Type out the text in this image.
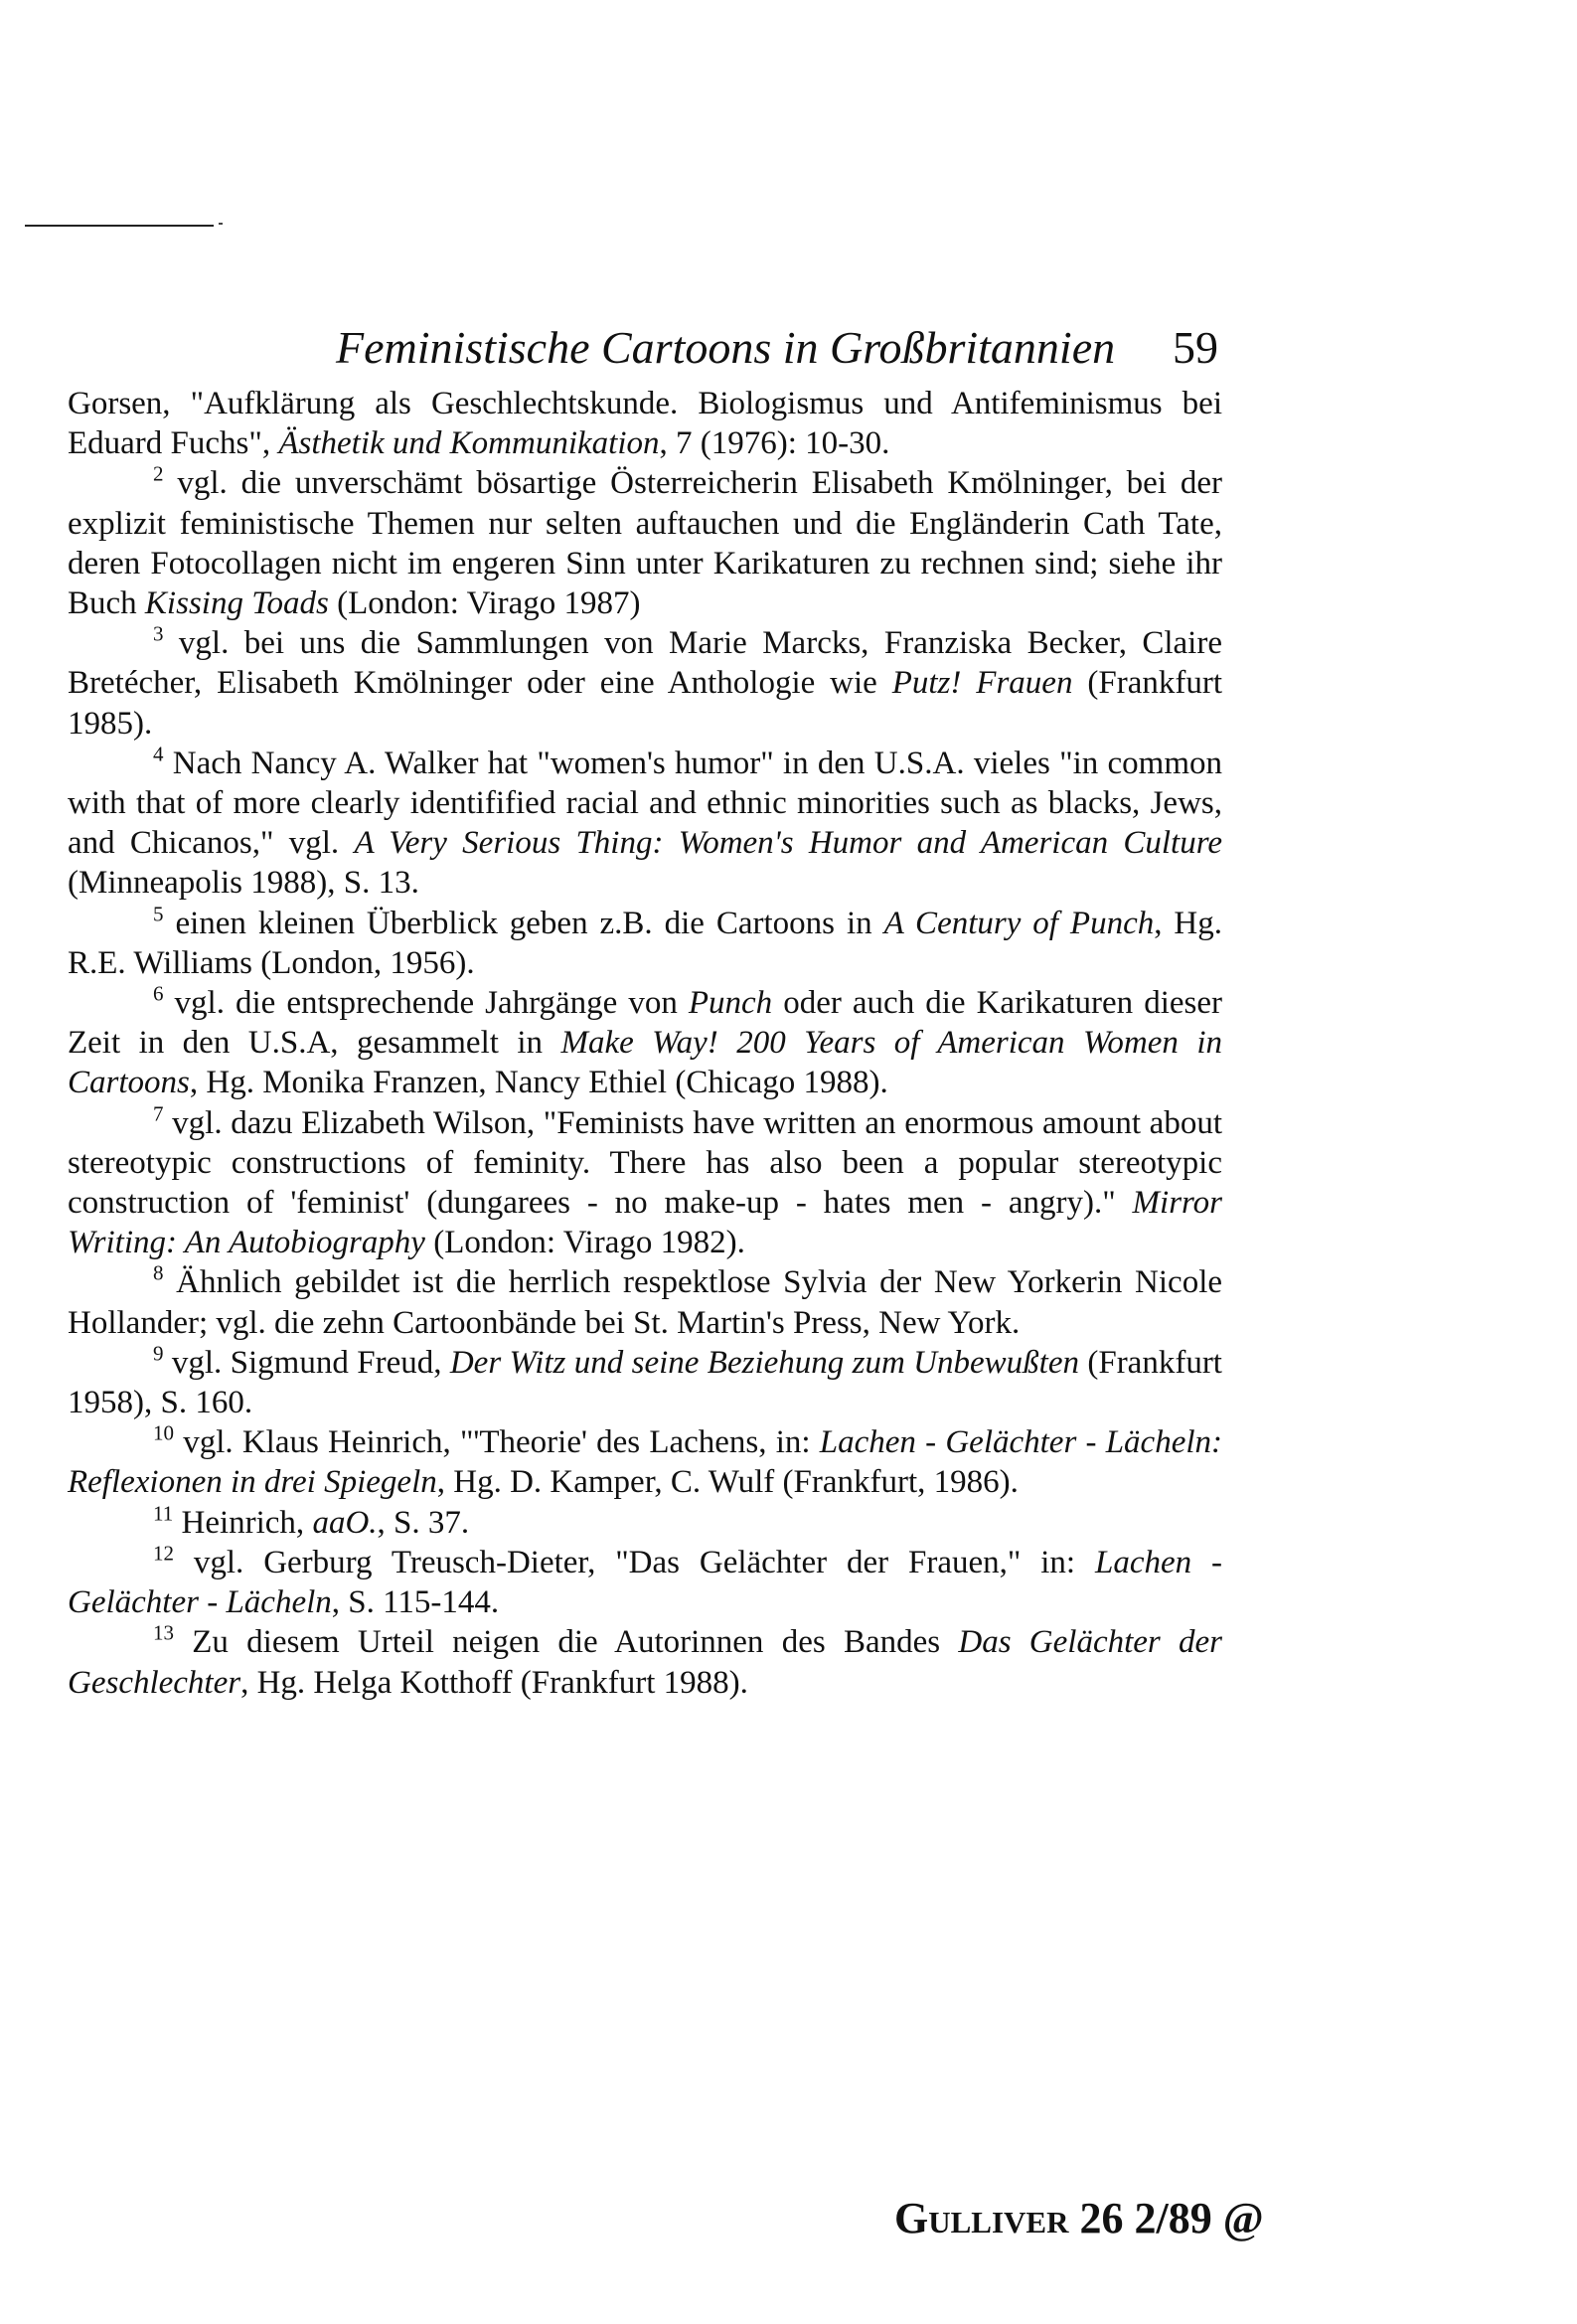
Feministische Cartoons in Großbritannien 59

Gorsen, "Aufklärung als Geschlechtskunde. Biologismus und Antifeminismus bei Eduard Fuchs", Ästhetik und Kommunikation, 7 (1976): 10-30.

$^2$ vgl. die unverschämt bösartige Österreicherin Elisabeth Kmölninger, bei der explizit feministische Themen nur selten auftauchen und die Engländerin Cath Tate, deren Fotocollagen nicht im engeren Sinn unter Karikaturen zu rechnen sind; siehe ihr Buch Kissing Toads (London: Virago 1987)

$^3$ vgl. bei uns die Sammlungen von Marie Marcks, Franziska Becker, Claire Bretécher, Elisabeth Kmölninger oder eine Anthologie wie Putz! Frauen (Frankfurt 1985).

$^4$ Nach Nancy A. Walker hat "women's humor" in den U.S.A. vieles "in common with that of more clearly identifified racial and ethnic minorities such as blacks, Jews, and Chicanos," vgl. A Very Serious Thing: Women's Humor and American Culture (Minneapolis 1988), S. 13.

$^5$ einen kleinen Überblick geben z.B. die Cartoons in A Century of Punch, Hg. R.E. Williams (London, 1956).

$^6$ vgl. die entsprechende Jahrgänge von Punch oder auch die Karikaturen dieser Zeit in den U.S.A, gesammelt in Make Way! 200 Years of American Women in Cartoons, Hg. Monika Franzen, Nancy Ethiel (Chicago 1988).

$^7$ vgl. dazu Elizabeth Wilson, "Feminists have written an enormous amount about stereotypic constructions of feminity. There has also been a popular stereotypic construction of 'feminist' (dungarees - no make-up - hates men - angry)." Mirror Writing: An Autobiography (London: Virago 1982).

$^8$ Ähnlich gebildet ist die herrlich respektlose Sylvia der New Yorkerin Nicole Hollander; vgl. die zehn Cartoonbände bei St. Martin's Press, New York.

$^9$ vgl. Sigmund Freud, Der Witz und seine Beziehung zum Unbewußten (Frankfurt 1958), S. 160.

$^{10}$ vgl. Klaus Heinrich, "'Theorie' des Lachens, in: Lachen - Gelächter - Lächeln: Reflexionen in drei Spiegeln, Hg. D. Kamper, C. Wulf (Frankfurt, 1986).

$^{11}$ Heinrich, aaO., S. 37.

$^{12}$ vgl. Gerburg Treusch-Dieter, "Das Gelächter der Frauen," in: Lachen - Gelächter - Lächeln, S. 115-144.

$^{13}$ Zu diesem Urteil neigen die Autorinnen des Bandes Das Gelächter der Geschlechter, Hg. Helga Kotthoff (Frankfurt 1988).

Gulliver 26 2/89 @
